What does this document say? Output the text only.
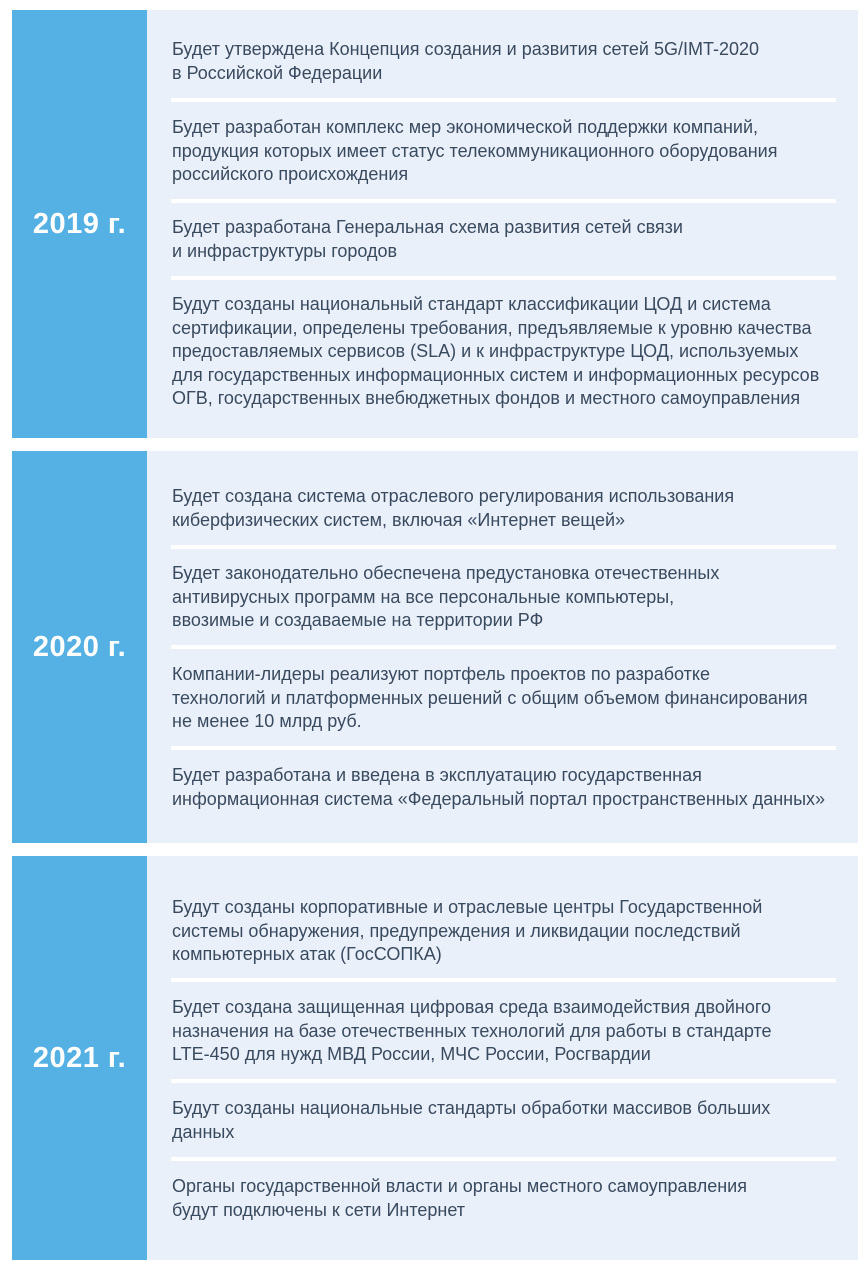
2019 г.
Будет утверждена Концепция создания и развития сетей 5G/IMT-2020
в Российской Федерации
Будет разработан комплекс мер экономической поддержки компаний,
продукция которых имеет статус телекоммуникационного оборудования
российского происхождения
Будет разработана Генеральная схема развития сетей связи
и инфраструктуры городов
Будут созданы национальный стандарт классификации ЦОД и система
сертификации, определены требования, предъявляемые к уровню качества
предоставляемых сервисов (SLA) и к инфраструктуре ЦОД, используемых
для государственных информационных систем и информационных ресурсов
ОГВ, государственных внебюджетных фондов и местного самоуправления
2020 г.
Будет создана система отраслевого регулирования использования
киберфизических систем, включая «Интернет вещей»
Будет законодательно обеспечена предустановка отечественных
антивирусных программ на все персональные компьютеры,
ввозимые и создаваемые на территории РФ
Компании-лидеры реализуют портфель проектов по разработке
технологий и платформенных решений с общим объемом финансирования
не менее 10 млрд руб.
Будет разработана и введена в эксплуатацию государственная
информационная система «Федеральный портал пространственных данных»
2021 г.
Будут созданы корпоративные и отраслевые центры Государственной
системы обнаружения, предупреждения и ликвидации последствий
компьютерных атак (ГосСОПКА)
Будет создана защищенная цифровая среда взаимодействия двойного
назначения на базе отечественных технологий для работы в стандарте
LTE-450 для нужд МВД России, МЧС России, Росгвардии
Будут созданы национальные стандарты обработки массивов больших
данных
Органы государственной власти и органы местного самоуправления
будут подключены к сети Интернет
